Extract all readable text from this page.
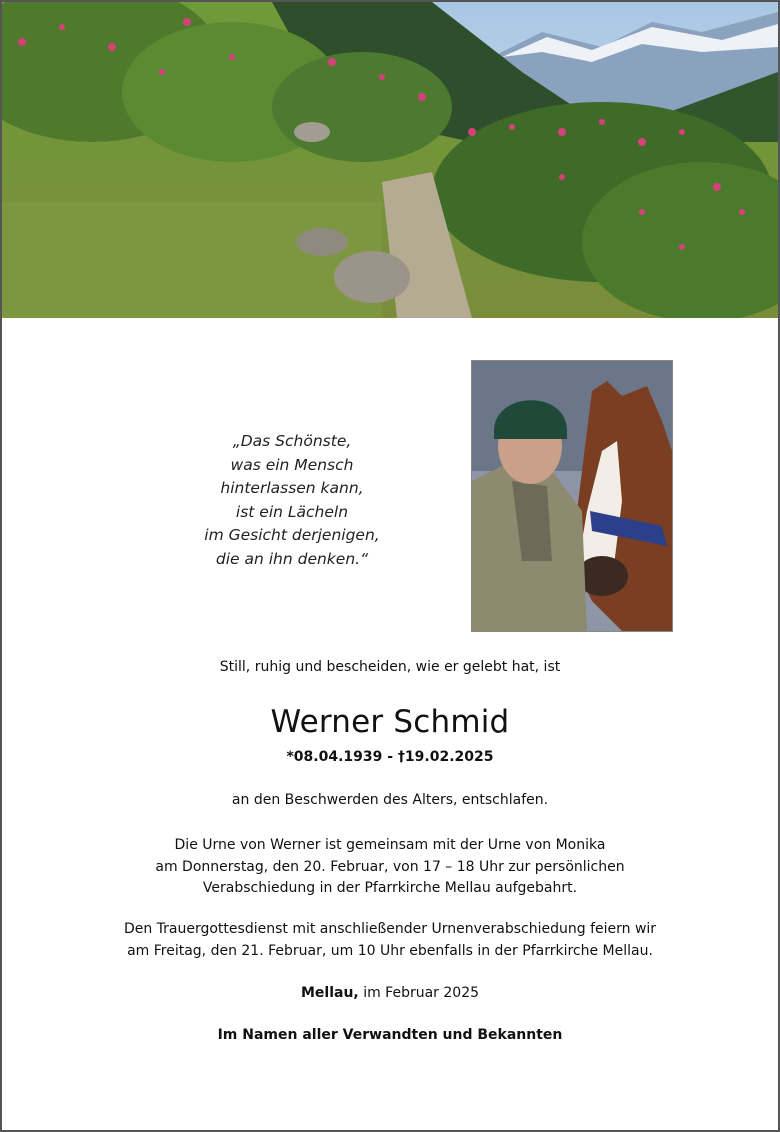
„Das Schönste,
was ein Mensch
hinterlassen kann,
ist ein Lächeln
im Gesicht derjenigen,
die an ihn denken.“
Still, ruhig und bescheiden, wie er gelebt hat, ist
Werner Schmid
*08.04.1939 - †19.02.2025
an den Beschwerden des Alters, entschlafen.
Die Urne von Werner ist gemeinsam mit der Urne von Monika
am Donnerstag, den 20. Februar, von 17 – 18 Uhr zur persönlichen
Verabschiedung in der Pfarrkirche Mellau aufgebahrt.
Den Trauergottesdienst mit anschließender Urnenverabschiedung feiern wir
am Freitag, den 21. Februar, um 10 Uhr ebenfalls in der Pfarrkirche Mellau.
Mellau, im Februar 2025
Im Namen aller Verwandten und Bekannten
